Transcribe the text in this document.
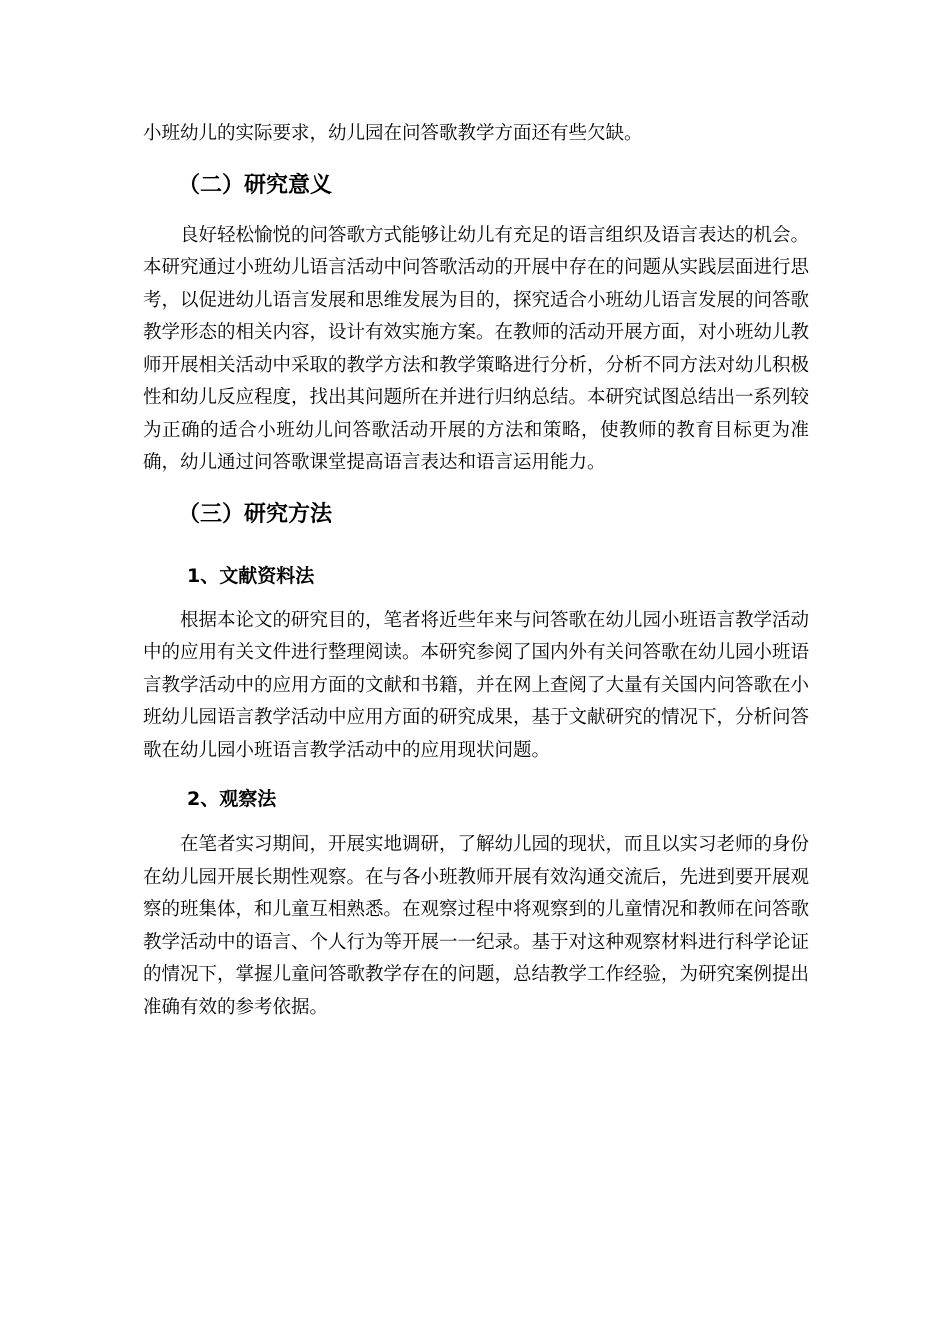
小班幼儿的实际要求，幼儿园在问答歌教学方面还有些欠缺。

（二）研究意义

良好轻松愉悦的问答歌方式能够让幼儿有充足的语言组织及语言表达的机会。本研究通过小班幼儿语言活动中问答歌活动的开展中存在的问题从实践层面进行思考，以促进幼儿语言发展和思维发展为目的，探究适合小班幼儿语言发展的问答歌教学形态的相关内容，设计有效实施方案。在教师的活动开展方面，对小班幼儿教师开展相关活动中采取的教学方法和教学策略进行分析，分析不同方法对幼儿积极性和幼儿反应程度，找出其问题所在并进行归纳总结。本研究试图总结出一系列较为正确的适合小班幼儿问答歌活动开展的方法和策略，使教师的教育目标更为准确，幼儿通过问答歌课堂提高语言表达和语言运用能力。

（三）研究方法
1、文献资料法

根据本论文的研究目的，笔者将近些年来与问答歌在幼儿园小班语言教学活动中的应用有关文件进行整理阅读。本研究参阅了国内外有关问答歌在幼儿园小班语言教学活动中的应用方面的文献和书籍，并在网上查阅了大量有关国内问答歌在小班幼儿园语言教学活动中应用方面的研究成果，基于文献研究的情况下，分析问答歌在幼儿园小班语言教学活动中的应用现状问题。

2、观察法

在笔者实习期间，开展实地调研，了解幼儿园的现状，而且以实习老师的身份在幼儿园开展长期性观察。在与各小班教师开展有效沟通交流后，先进到要开展观察的班集体，和儿童互相熟悉。在观察过程中将观察到的儿童情况和教师在问答歌教学活动中的语言、个人行为等开展一一纪录。基于对这种观察材料进行科学论证的情况下，掌握儿童问答歌教学存在的问题，总结教学工作经验，为研究案例提出准确有效的参考依据。
